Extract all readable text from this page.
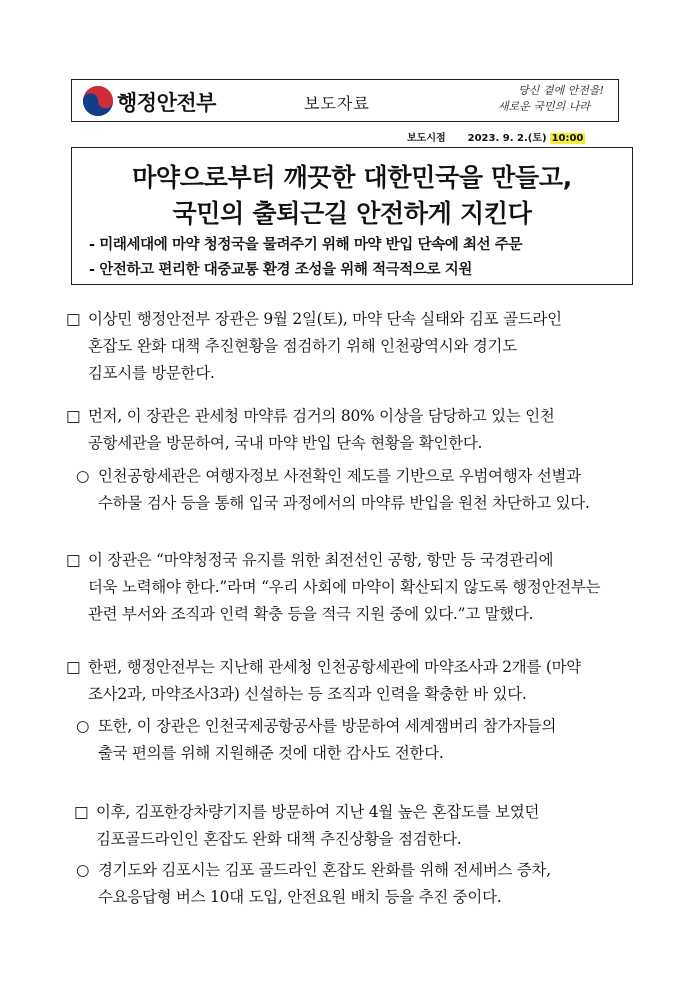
행정안전부	보도자료
당신 곁에 안전을!
새로운 국민의 나라
보도시점 2023. 9. 2.(토) 10:00
마약으로부터 깨끗한 대한민국을 만들고,
국민의 출퇴근길 안전하게 지킨다
- 미래세대에 마약 청정국을 물려주기 위해 마약 반입 단속에 최선 주문
- 안전하고 편리한 대중교통 환경 조성을 위해 적극적으로 지원
□ 이상민 행정안전부 장관은 9월 2일(토), 마약 단속 실태와 김포 골드라인
혼잡도 완화 대책 추진현황을 점검하기 위해 인천광역시와 경기도
김포시를 방문한다.
□ 먼저, 이 장관은 관세청 마약류 검거의 80% 이상을 담당하고 있는 인천
공항세관을 방문하여, 국내 마약 반입 단속 현황을 확인한다.
○ 인천공항세관은 여행자정보 사전확인 제도를 기반으로 우범여행자 선별과
수하물 검사 등을 통해 입국 과정에서의 마약류 반입을 원천 차단하고 있다.
□ 이 장관은 “마약청정국 유지를 위한 최전선인 공항, 항만 등 국경관리에
더욱 노력해야 한다.”라며 “우리 사회에 마약이 확산되지 않도록 행정안전부는
관련 부서와 조직과 인력 확충 등을 적극 지원 중에 있다.”고 말했다.
□ 한편, 행정안전부는 지난해 관세청 인천공항세관에 마약조사과 2개를 (마약
조사2과, 마약조사3과) 신설하는 등 조직과 인력을 확충한 바 있다.
○ 또한, 이 장관은 인천국제공항공사를 방문하여 세계잼버리 참가자들의
출국 편의를 위해 지원해준 것에 대한 감사도 전한다.
□ 이후, 김포한강차량기지를 방문하여 지난 4월 높은 혼잡도를 보였던
김포골드라인인 혼잡도 완화 대책 추진상황을 점검한다.
○ 경기도와 김포시는 김포 골드라인 혼잡도 완화를 위해 전세버스 증차,
수요응답형 버스 10대 도입, 안전요원 배치 등을 추진 중이다.
